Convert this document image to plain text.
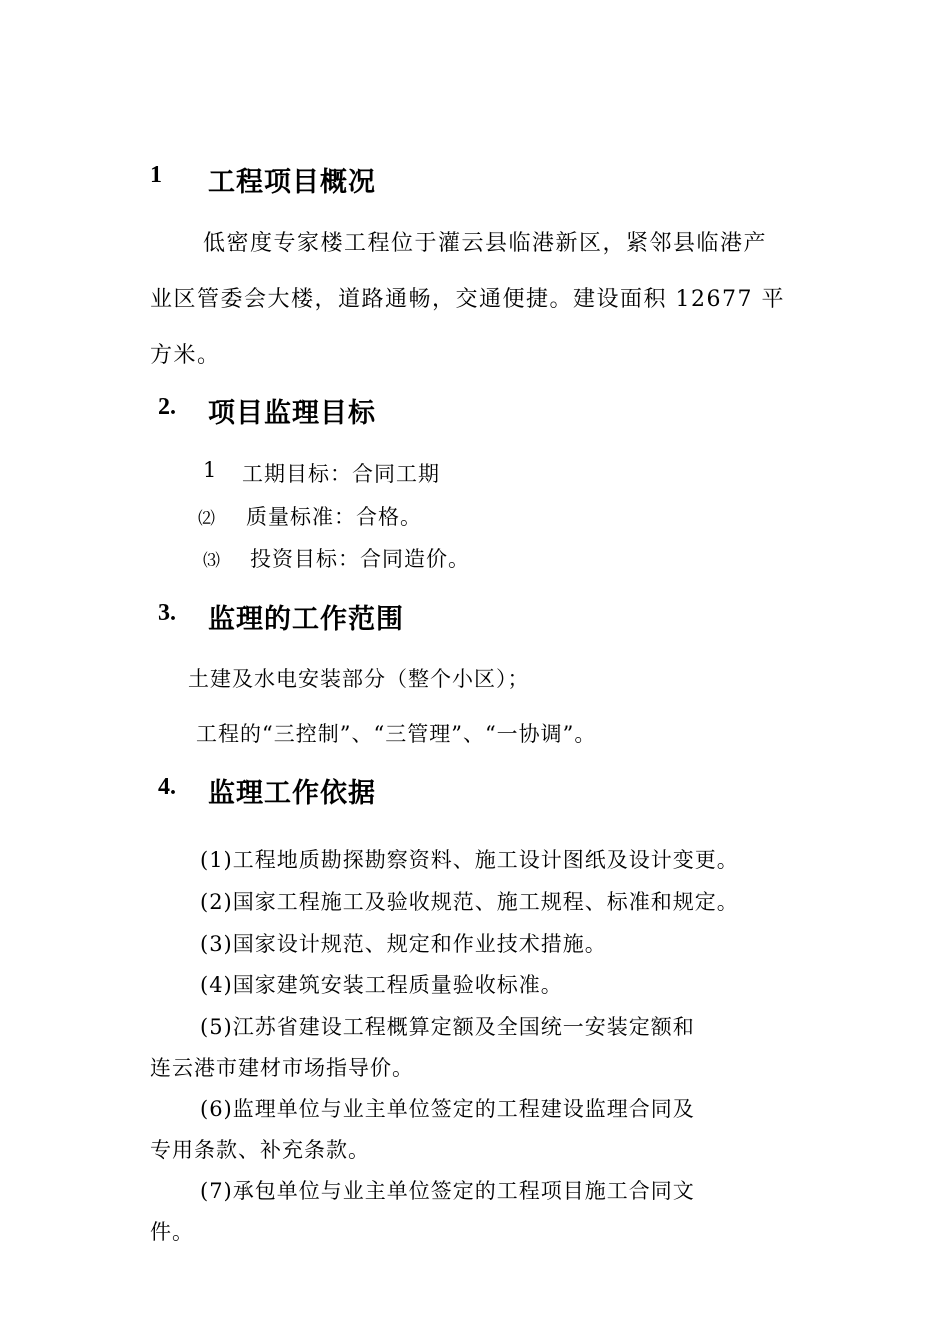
1 工程项目概况
低密度专家楼工程位于灌云县临港新区，紧邻县临港产
业区管委会大楼，道路通畅，交通便捷。建设面积 12677 平
方米。
2. 项目监理目标
1 工期目标：合同工期
⑵ 质量标准：合格。
⑶ 投资目标：合同造价。
3. 监理的工作范围
土建及水电安装部分（整个小区）；
工程的“三控制”、“三管理”、“一协调”。
4. 监理工作依据
(1)工程地质勘探勘察资料、施工设计图纸及设计变更。
(2)国家工程施工及验收规范、施工规程、标准和规定。
(3)国家设计规范、规定和作业技术措施。
(4)国家建筑安装工程质量验收标准。
(5)江苏省建设工程概算定额及全国统一安装定额和
连云港市建材市场指导价。
(6)监理单位与业主单位签定的工程建设监理合同及
专用条款、补充条款。
(7)承包单位与业主单位签定的工程项目施工合同文
件。
